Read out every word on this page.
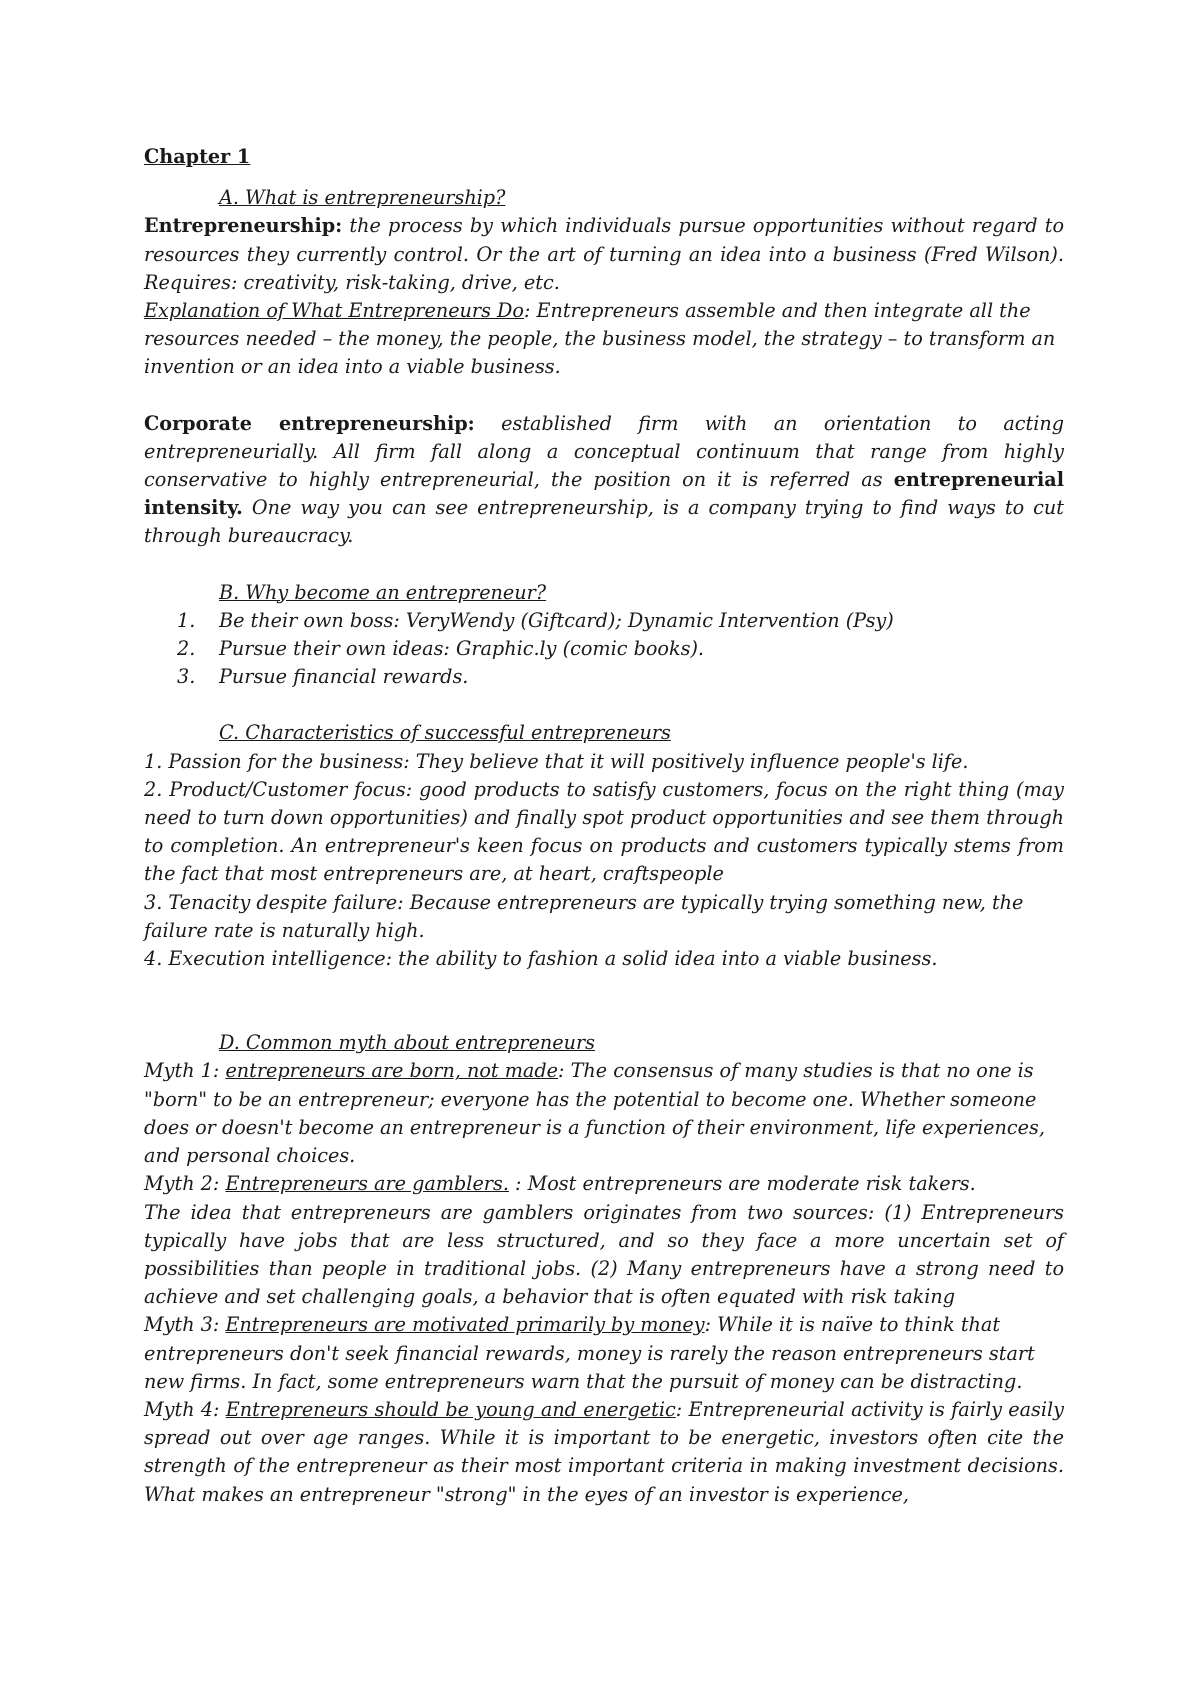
Chapter 1

A. What is entrepreneurship?

Entrepreneurship: the process by which individuals pursue opportunities without regard to resources they currently control. Or the art of turning an idea into a business (Fred Wilson). Requires: creativity, risk-taking, drive, etc.

Explanation of What Entrepreneurs Do: Entrepreneurs assemble and then integrate all the resources needed – the money, the people, the business model, the strategy – to transform an invention or an idea into a viable business.

Corporate entrepreneurship: established firm with an orientation to acting entrepreneurially. All firm fall along a conceptual continuum that range from highly conservative to highly entrepreneurial, the position on it is referred as entrepreneurial intensity. One way you can see entrepreneurship, is a company trying to find ways to cut through bureaucracy.

B. Why become an entrepreneur?

1. Be their own boss: VeryWendy (Giftcard); Dynamic Intervention (Psy)
2. Pursue their own ideas: Graphic.ly (comic books).
3. Pursue financial rewards.

C. Characteristics of successful entrepreneurs

1. Passion for the business: They believe that it will positively influence people's life.

2. Product/Customer focus: good products to satisfy customers, focus on the right thing (may need to turn down opportunities) and finally spot product opportunities and see them through to completion. An entrepreneur's keen focus on products and customers typically stems from the fact that most entrepreneurs are, at heart, craftspeople

3. Tenacity despite failure: Because entrepreneurs are typically trying something new, the failure rate is naturally high.

4. Execution intelligence: the ability to fashion a solid idea into a viable business.

D. Common myth about entrepreneurs

Myth 1: entrepreneurs are born, not made: The consensus of many studies is that no one is "born" to be an entrepreneur; everyone has the potential to become one. Whether someone does or doesn't become an entrepreneur is a function of their environment, life experiences, and personal choices.

Myth 2: Entrepreneurs are gamblers. : Most entrepreneurs are moderate risk takers.

The idea that entrepreneurs are gamblers originates from two sources: (1) Entrepreneurs typically have jobs that are less structured, and so they face a more uncertain set of possibilities than people in traditional jobs. (2) Many entrepreneurs have a strong need to achieve and set challenging goals, a behavior that is often equated with risk taking

Myth 3: Entrepreneurs are motivated primarily by money: While it is naïve to think that entrepreneurs don't seek financial rewards, money is rarely the reason entrepreneurs start new firms. In fact, some entrepreneurs warn that the pursuit of money can be distracting.

Myth 4: Entrepreneurs should be young and energetic: Entrepreneurial activity is fairly easily spread out over age ranges. While it is important to be energetic, investors often cite the strength of the entrepreneur as their most important criteria in making investment decisions. What makes an entrepreneur "strong" in the eyes of an investor is experience,
